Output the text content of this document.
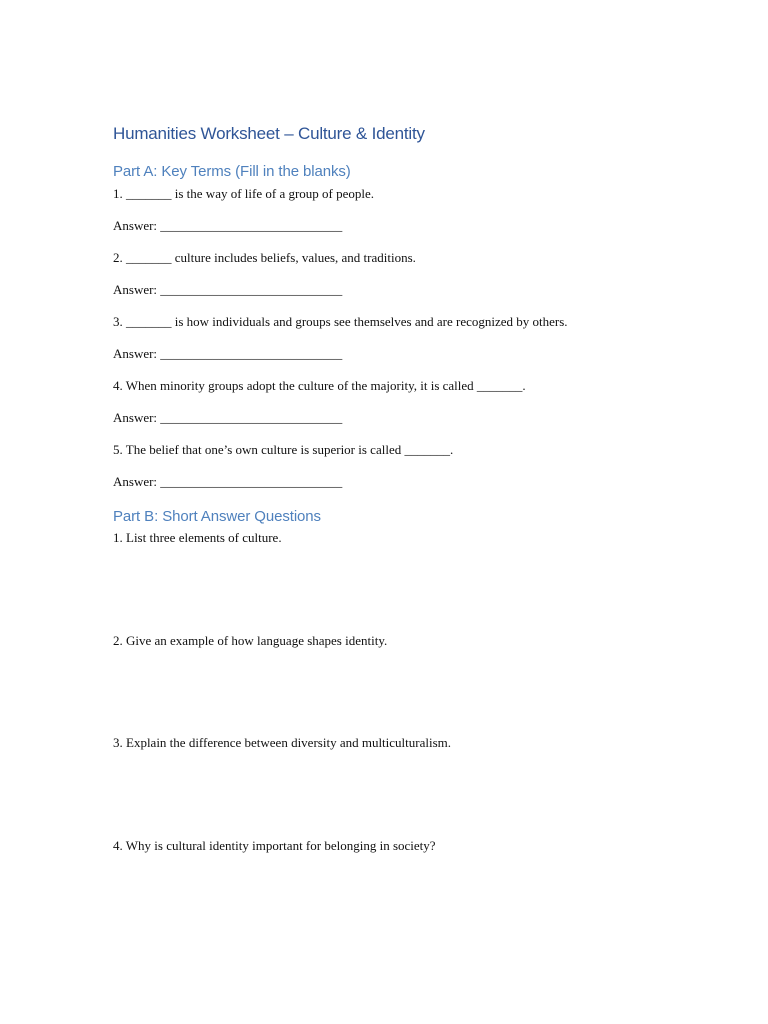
Humanities Worksheet – Culture & Identity
Part A: Key Terms (Fill in the blanks)
1. _______ is the way of life of a group of people.
Answer: ____________________________
2. _______ culture includes beliefs, values, and traditions.
Answer: ____________________________
3. _______ is how individuals and groups see themselves and are recognized by others.
Answer: ____________________________
4. When minority groups adopt the culture of the majority, it is called _______.
Answer: ____________________________
5. The belief that one’s own culture is superior is called _______.
Answer: ____________________________
Part B: Short Answer Questions
1. List three elements of culture.
2. Give an example of how language shapes identity.
3. Explain the difference between diversity and multiculturalism.
4. Why is cultural identity important for belonging in society?
